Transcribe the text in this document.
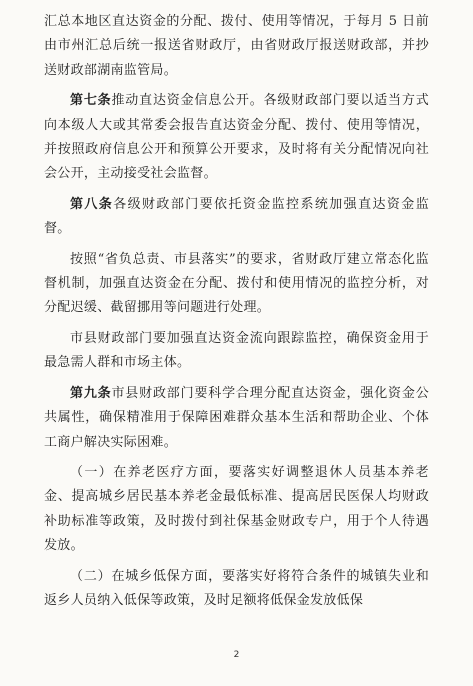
汇总本地区直达资金的分配、拨付、使用等情况，于每月 5 日前由市州汇总后统一报送省财政厅，由省财政厅报送财政部，并抄送财政部湖南监管局。

第七条推动直达资金信息公开。各级财政部门要以适当方式向本级人大或其常委会报告直达资金分配、拨付、使用等情况，并按照政府信息公开和预算公开要求，及时将有关分配情况向社会公开，主动接受社会监督。

第八条各级财政部门要依托资金监控系统加强直达资金监督。

按照“省负总责、市县落实”的要求，省财政厅建立常态化监督机制，加强直达资金在分配、拨付和使用情况的监控分析，对分配迟缓、截留挪用等问题进行处理。

市县财政部门要加强直达资金流向跟踪监控，确保资金用于最急需人群和市场主体。

第九条市县财政部门要科学合理分配直达资金，强化资金公共属性，确保精准用于保障困难群众基本生活和帮助企业、个体工商户解决实际困难。

（一）在养老医疗方面，要落实好调整退休人员基本养老金、提高城乡居民基本养老金最低标准、提高居民医保人均财政补助标准等政策，及时拨付到社保基金财政专户，用于个人待遇发放。

（二）在城乡低保方面，要落实好将符合条件的城镇失业和返乡人员纳入低保等政策，及时足额将低保金发放低保

2
